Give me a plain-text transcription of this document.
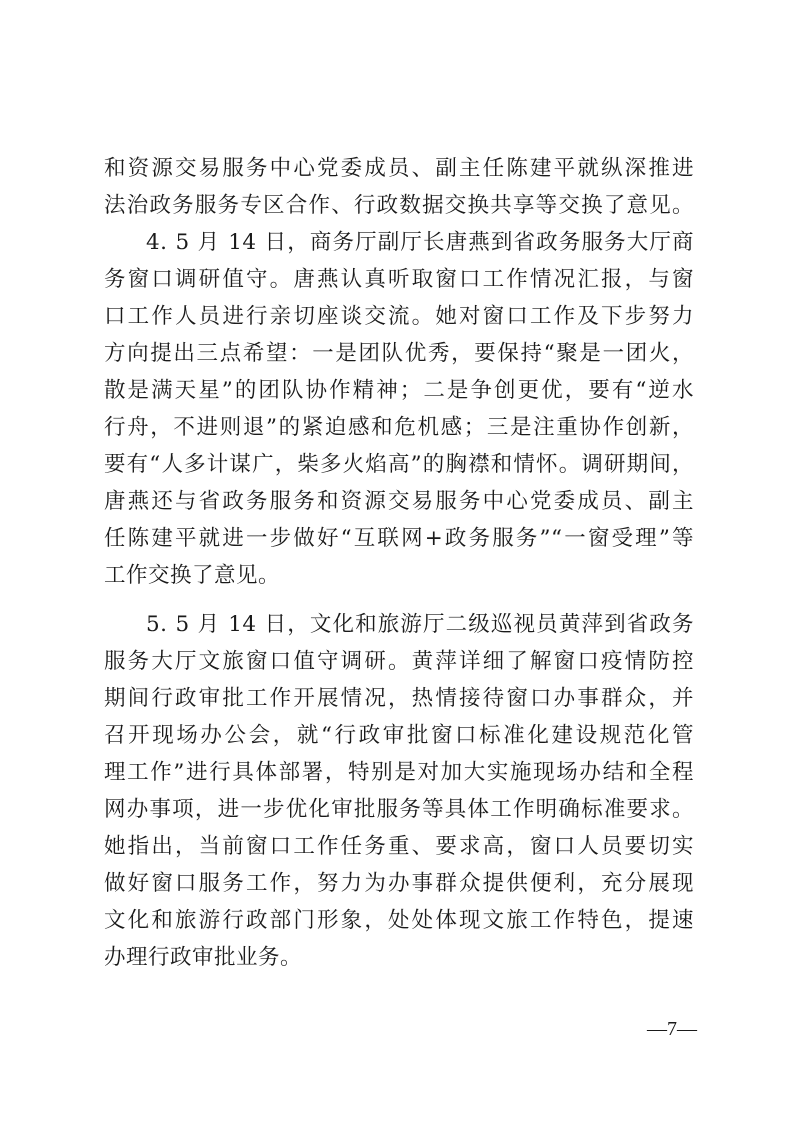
和资源交易服务中心党委成员、副主任陈建平就纵深推进
法治政务服务专区合作、行政数据交换共享等交换了意见。
4. 5 月 14 日，商务厅副厅长唐燕到省政务服务大厅商
务窗口调研值守。唐燕认真听取窗口工作情况汇报，与窗
口工作人员进行亲切座谈交流。她对窗口工作及下步努力
方向提出三点希望：一是团队优秀，要保持“聚是一团火，
散是满天星”的团队协作精神；二是争创更优，要有“逆水
行舟，不进则退”的紧迫感和危机感；三是注重协作创新，
要有“人多计谋广，柴多火焰高”的胸襟和情怀。调研期间，
唐燕还与省政务服务和资源交易服务中心党委成员、副主
任陈建平就进一步做好“互联网+政务服务”“一窗受理”等
工作交换了意见。
5. 5 月 14 日，文化和旅游厅二级巡视员黄萍到省政务
服务大厅文旅窗口值守调研。黄萍详细了解窗口疫情防控
期间行政审批工作开展情况，热情接待窗口办事群众，并
召开现场办公会，就“行政审批窗口标准化建设规范化管
理工作”进行具体部署，特别是对加大实施现场办结和全程
网办事项，进一步优化审批服务等具体工作明确标准要求。
她指出，当前窗口工作任务重、要求高，窗口人员要切实
做好窗口服务工作，努力为办事群众提供便利，充分展现
文化和旅游行政部门形象，处处体现文旅工作特色，提速
办理行政审批业务。
—7—
